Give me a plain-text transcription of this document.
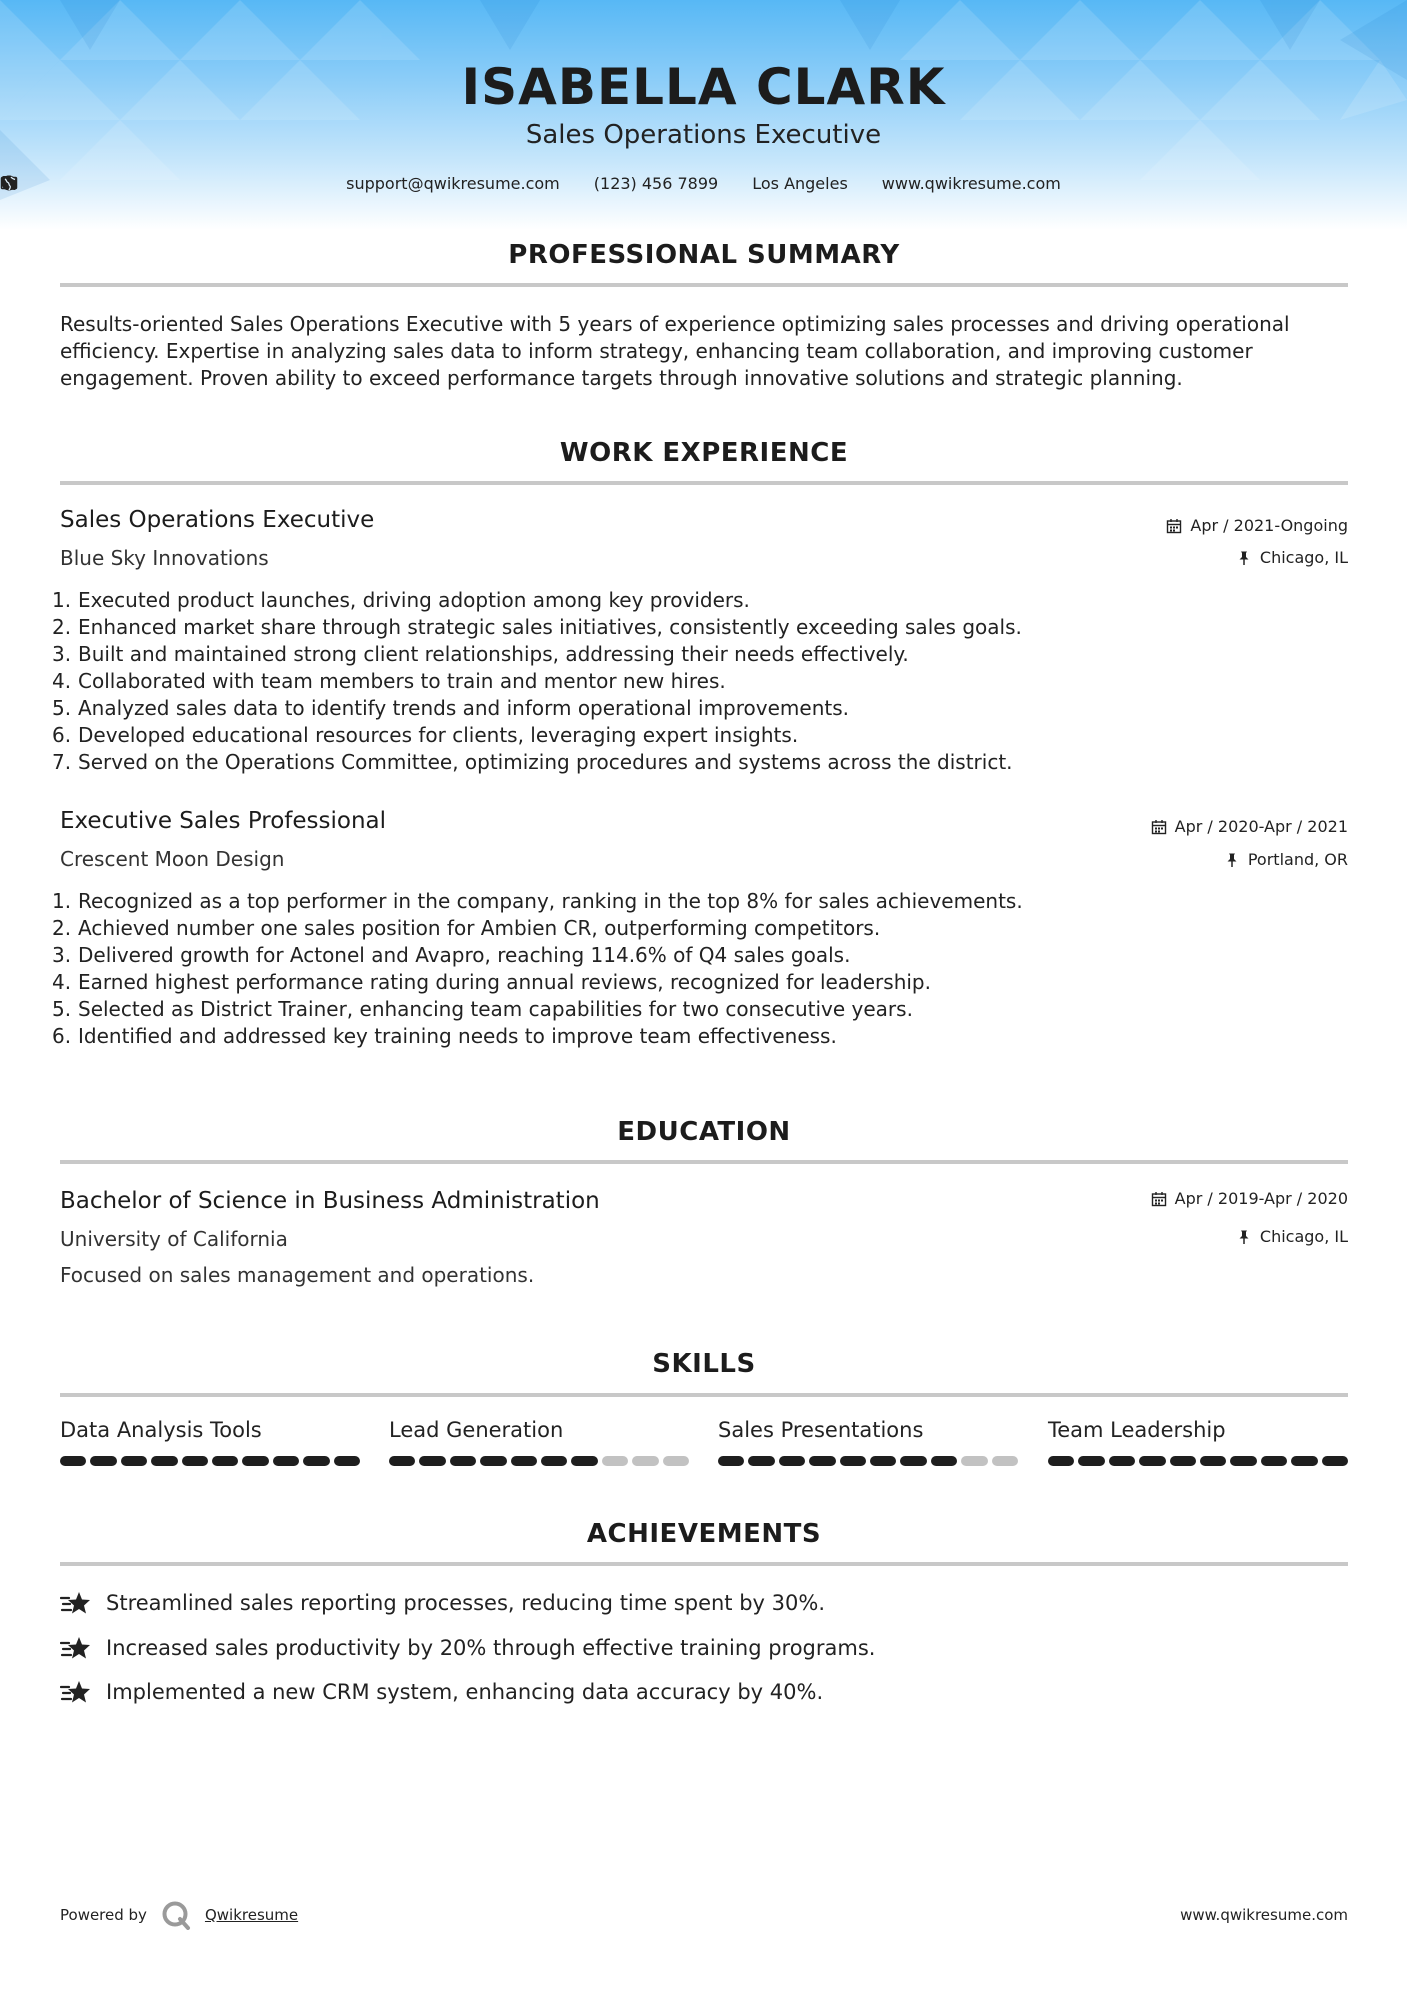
ISABELLA CLARK
Sales Operations Executive
support@qwikresume.com (123) 456 7899 Los Angeles www.qwikresume.com
PROFESSIONAL SUMMARY
Results-oriented Sales Operations Executive with 5 years of experience optimizing sales processes and driving operational efficiency. Expertise in analyzing sales data to inform strategy, enhancing team collaboration, and improving customer engagement. Proven ability to exceed performance targets through innovative solutions and strategic planning.
WORK EXPERIENCE
Sales Operations Executive
Blue Sky Innovations
Apr / 2021-Ongoing
Chicago, IL
1. Executed product launches, driving adoption among key providers.
2. Enhanced market share through strategic sales initiatives, consistently exceeding sales goals.
3. Built and maintained strong client relationships, addressing their needs effectively.
4. Collaborated with team members to train and mentor new hires.
5. Analyzed sales data to identify trends and inform operational improvements.
6. Developed educational resources for clients, leveraging expert insights.
7. Served on the Operations Committee, optimizing procedures and systems across the district.
Executive Sales Professional
Crescent Moon Design
Apr / 2020-Apr / 2021
Portland, OR
1. Recognized as a top performer in the company, ranking in the top 8% for sales achievements.
2. Achieved number one sales position for Ambien CR, outperforming competitors.
3. Delivered growth for Actonel and Avapro, reaching 114.6% of Q4 sales goals.
4. Earned highest performance rating during annual reviews, recognized for leadership.
5. Selected as District Trainer, enhancing team capabilities for two consecutive years.
6. Identified and addressed key training needs to improve team effectiveness.
EDUCATION
Bachelor of Science in Business Administration
University of California
Focused on sales management and operations.
Apr / 2019-Apr / 2020
Chicago, IL
SKILLS
Data Analysis Tools	Lead Generation	Sales Presentations	Team Leadership
ACHIEVEMENTS
Streamlined sales reporting processes, reducing time spent by 30%.
Increased sales productivity by 20% through effective training programs.
Implemented a new CRM system, enhancing data accuracy by 40%.
Powered by	Qwikresume	www.qwikresume.com
